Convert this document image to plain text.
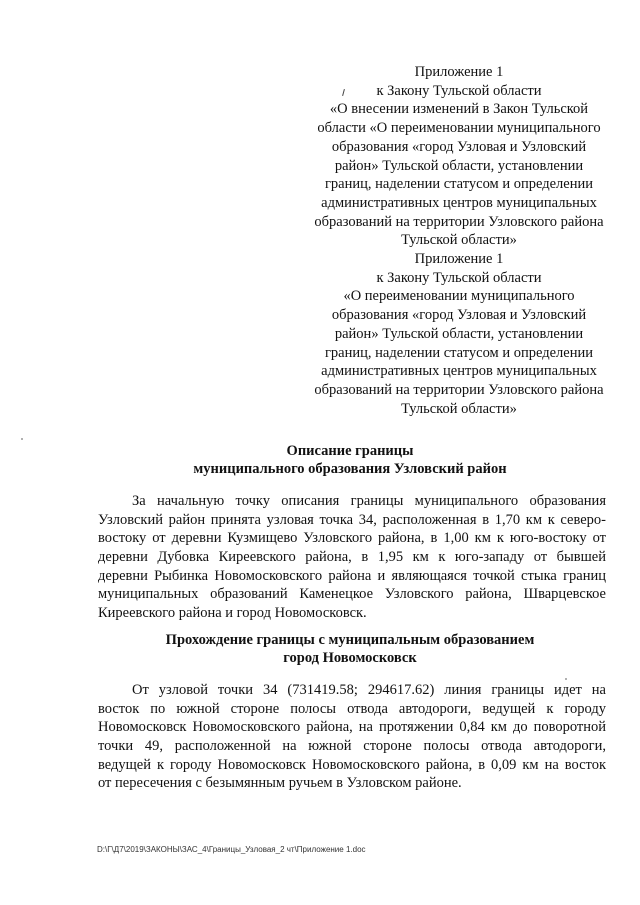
Приложение 1
к Закону Тульской области
«О внесении изменений в Закон Тульской
области «О переименовании муниципального
образования «город Узловая и Узловский
район» Тульской области, установлении
границ, наделении статусом и определении
административных центров муниципальных
образований на территории Узловского района
Тульской области»
Приложение 1
к Закону Тульской области
«О переименовании муниципального
образования «город Узловая и Узловский
район» Тульской области, установлении
границ, наделении статусом и определении
административных центров муниципальных
образований на территории Узловского района
Тульской области»
Описание границы
муниципального образования Узловский район
За начальную точку описания границы муниципального образования
Узловский район принята узловая точка 34, расположенная в 1,70 км к северо-
востоку от деревни Кузмищево Узловского района, в 1,00 км к юго-востоку от
деревни Дубовка Киреевского района, в 1,95 км к юго-западу от бывшей
деревни Рыбинка Новомосковского района и являющаяся точкой стыка границ
муниципальных образований Каменецкое Узловского района, Шварцевское
Киреевского района и город Новомосковск.
Прохождение границы с муниципальным образованием
город Новомосковск
От узловой точки 34 (731419.58; 294617.62) линия границы идет на
восток по южной стороне полосы отвода автодороги, ведущей к городу
Новомосковск Новомосковского района, на протяжении 0,84 км до поворотной
точки 49, расположенной на южной стороне полосы отвода автодороги,
ведущей к городу Новомосковск Новомосковского района, в 0,09 км на восток
от пересечения с безымянным ручьем в Узловском районе.
D:\Г\Д7\2019\ЗАКОНЫ\ЗАС_4\Границы_Узловая_2 чт\Приложение 1.doc
